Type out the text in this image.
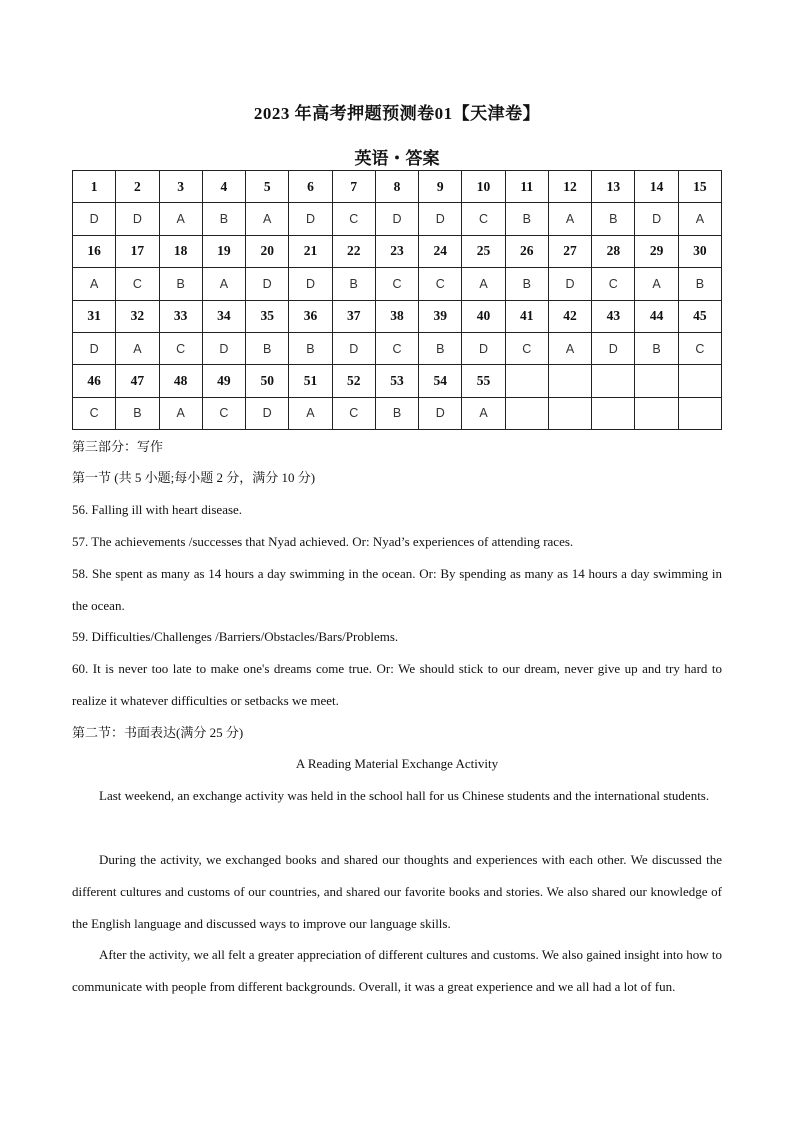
2023 年高考押题预测卷01【天津卷】
英语・答案
1	2	3	4	5	6	7	8	9	10	11	12	13	14	15
D	D	A	B	A	D	C	D	D	C	B	A	B	D	A
16	17	18	19	20	21	22	23	24	25	26	27	28	29	30
A	C	B	A	D	D	B	C	C	A	B	D	C	A	B
31	32	33	34	35	36	37	38	39	40	41	42	43	44	45
D	A	C	D	B	B	D	C	B	D	C	A	D	B	C
46	47	48	49	50	51	52	53	54	55					
C	B	A	C	D	A	C	B	D	A					

第三部分：写作

第一节 (共 5 小题;每小题 2 分，满分 10 分)

56. Falling ill with heart disease.

57. The achievements /successes that Nyad achieved. Or: Nyad’s experiences of attending races.

58. She spent as many as 14 hours a day swimming in the ocean. Or: By spending as many as 14 hours a day swimming in the ocean.

59. Difficulties/Challenges /Barriers/Obstacles/Bars/Problems.

60. It is never too late to make one's dreams come true. Or: We should stick to our dream, never give up and try hard to realize it whatever difficulties or setbacks we meet.

第二节：书面表达(满分 25 分)

A Reading Material Exchange Activity

Last weekend, an exchange activity was held in the school hall for us Chinese students and the international students.

During the activity, we exchanged books and shared our thoughts and experiences with each other. We discussed the different cultures and customs of our countries, and shared our favorite books and stories. We also shared our knowledge of the English language and discussed ways to improve our language skills.

After the activity, we all felt a greater appreciation of different cultures and customs. We also gained insight into how to communicate with people from different backgrounds. Overall, it was a great experience and we all had a lot of fun.
